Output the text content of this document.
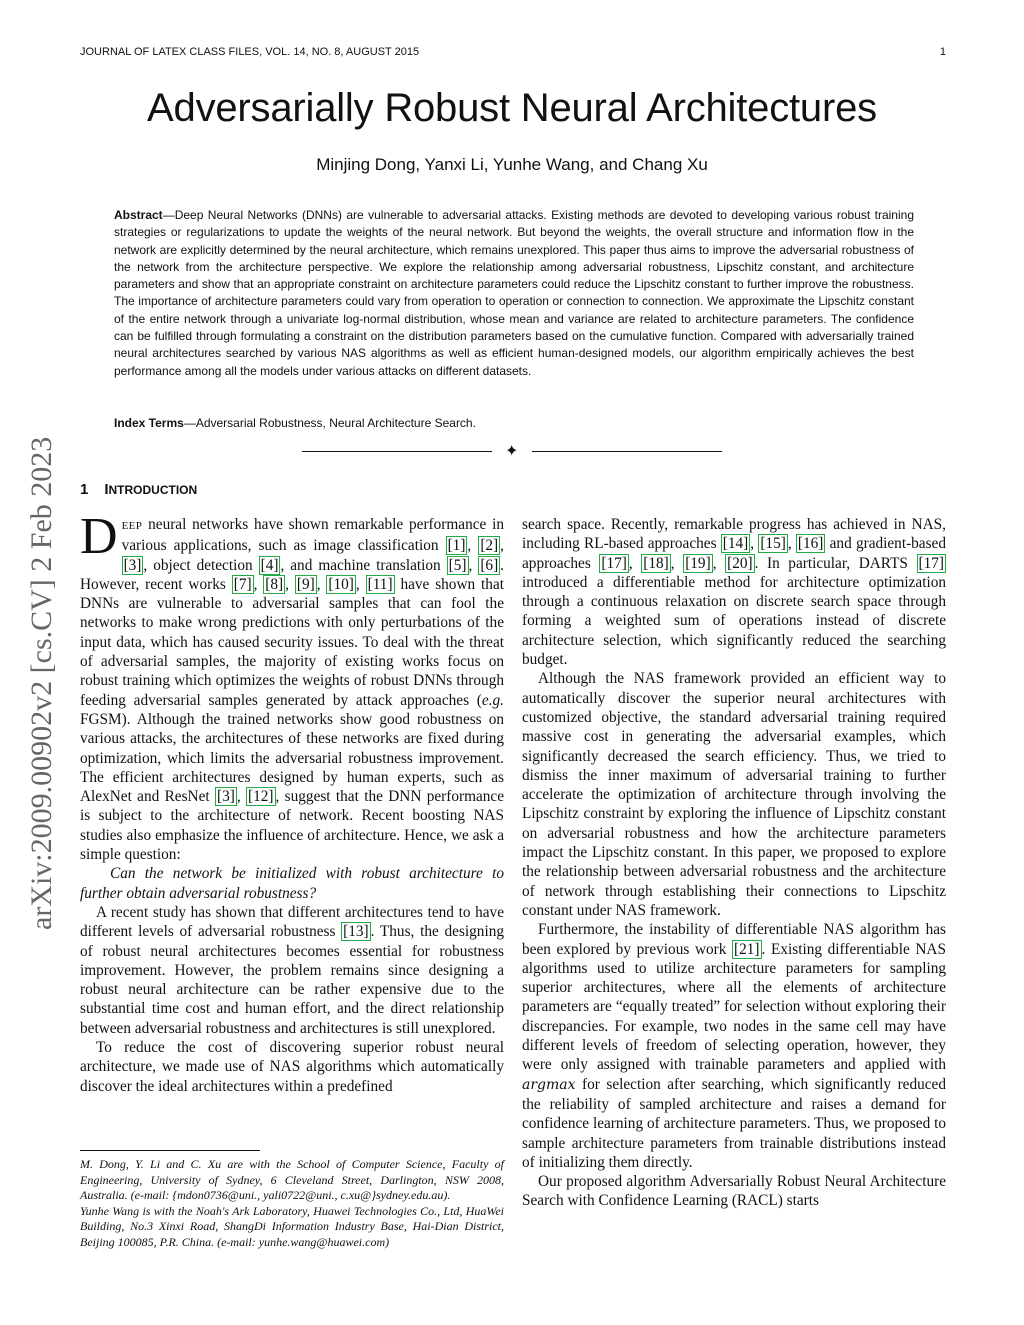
JOURNAL OF LATEX CLASS FILES, VOL. 14, NO. 8, AUGUST 2015	1
Adversarially Robust Neural Architectures
Minjing Dong, Yanxi Li, Yunhe Wang, and Chang Xu
Abstract—Deep Neural Networks (DNNs) are vulnerable to adversarial attacks. Existing methods are devoted to developing various robust training strategies or regularizations to update the weights of the neural network. But beyond the weights, the overall structure and information flow in the network are explicitly determined by the neural architecture, which remains unexplored. This paper thus aims to improve the adversarial robustness of the network from the architecture perspective. We explore the relationship among adversarial robustness, Lipschitz constant, and architecture parameters and show that an appropriate constraint on architecture parameters could reduce the Lipschitz constant to further improve the robustness. The importance of architecture parameters could vary from operation to operation or connection to connection. We approximate the Lipschitz constant of the entire network through a univariate log-normal distribution, whose mean and variance are related to architecture parameters. The confidence can be fulfilled through formulating a constraint on the distribution parameters based on the cumulative function. Compared with adversarially trained neural architectures searched by various NAS algorithms as well as efficient human-designed models, our algorithm empirically achieves the best performance among all the models under various attacks on different datasets.
Index Terms—Adversarial Robustness, Neural Architecture Search.
✦
arXiv:2009.00902v2 [cs.CV] 2 Feb 2023 1 INTRODUCTION

DEEP neural networks have shown remarkable performance in various applications, such as image classification [1] , [2] , [3] , object detection [4] , and machine translation [5] , [6] . However, recent works [7] , [8] , [9] , [10] , [11] have shown that DNNs are vulnerable to adversarial samples that can fool the networks to make wrong predictions with only perturbations of the input data, which has caused security issues. To deal with the threat of adversarial samples, the majority of existing works focus on robust training which optimizes the weights of robust DNNs through feeding adversarial samples generated by attack approaches (e.g. FGSM). Although the trained networks show good robustness on various attacks, the architectures of these networks are fixed during optimization, which limits the adversarial robustness improvement. The efficient architectures designed by human experts, such as AlexNet and ResNet [3] , [12] , suggest that the DNN performance is subject to the architecture of network. Recent boosting NAS studies also emphasize the influence of architecture. Hence, we ask a simple question:

Can the network be initialized with robust architecture to further obtain adversarial robustness?

A recent study has shown that different architectures tend to have different levels of adversarial robustness [13] . Thus, the designing of robust neural architectures becomes essential for robustness improvement. However, the problem remains since designing a robust neural architecture can be rather expensive due to the substantial time cost and human effort, and the direct relationship between adversarial robustness and architectures is still unexplored.

To reduce the cost of discovering superior robust neural architecture, we made use of NAS algorithms which automatically discover the ideal architectures within a predefined

M. Dong, Y. Li and C. Xu are with the School of Computer Science, Faculty of Engineering, University of Sydney, 6 Cleveland Street, Darlington, NSW 2008, Australia. (e-mail: {mdon0736@uni., yali0722@uni., c.xu@}sydney.edu.au).

Yunhe Wang is with the Noah's Ark Laboratory, Huawei Technologies Co., Ltd, HuaWei Building, No.3 Xinxi Road, ShangDi Information Industry Base, Hai-Dian District, Beijing 100085, P.R. China. (e-mail: yunhe.wang@huawei.com)

search space. Recently, remarkable progress has achieved in NAS, including RL-based approaches [14] , [15] , [16] and gradient-based approaches [17] , [18] , [19] , [20] . In particular, DARTS [17] introduced a differentiable method for architecture optimization through a continuous relaxation on discrete search space through forming a weighted sum of operations instead of discrete architecture selection, which significantly reduced the searching budget.

Although the NAS framework provided an efficient way to automatically discover the superior neural architectures with customized objective, the standard adversarial training required massive cost in generating the adversarial examples, which significantly decreased the search efficiency. Thus, we tried to dismiss the inner maximum of adversarial training to further accelerate the optimization of architecture through involving the Lipschitz constraint by exploring the influence of Lipschitz constant on adversarial robustness and how the architecture parameters impact the Lipschitz constant. In this paper, we proposed to explore the relationship between adversarial robustness and the architecture of network through establishing their connections to Lipschitz constant under NAS framework.

Furthermore, the instability of differentiable NAS algorithm has been explored by previous work [21] . Existing differentiable NAS algorithms used to utilize architecture parameters for sampling superior architectures, where all the elements of architecture parameters are “equally treated” for selection without exploring their discrepancies. For example, two nodes in the same cell may have different levels of freedom of selecting operation, however, they were only assigned with trainable parameters and applied with argmax for selection after searching, which significantly reduced the reliability of sampled architecture and raises a demand for confidence learning of architecture parameters. Thus, we proposed to sample architecture parameters from trainable distributions instead of initializing them directly.

Our proposed algorithm Adversarially Robust Neural Architecture Search with Confidence Learning (RACL) starts
